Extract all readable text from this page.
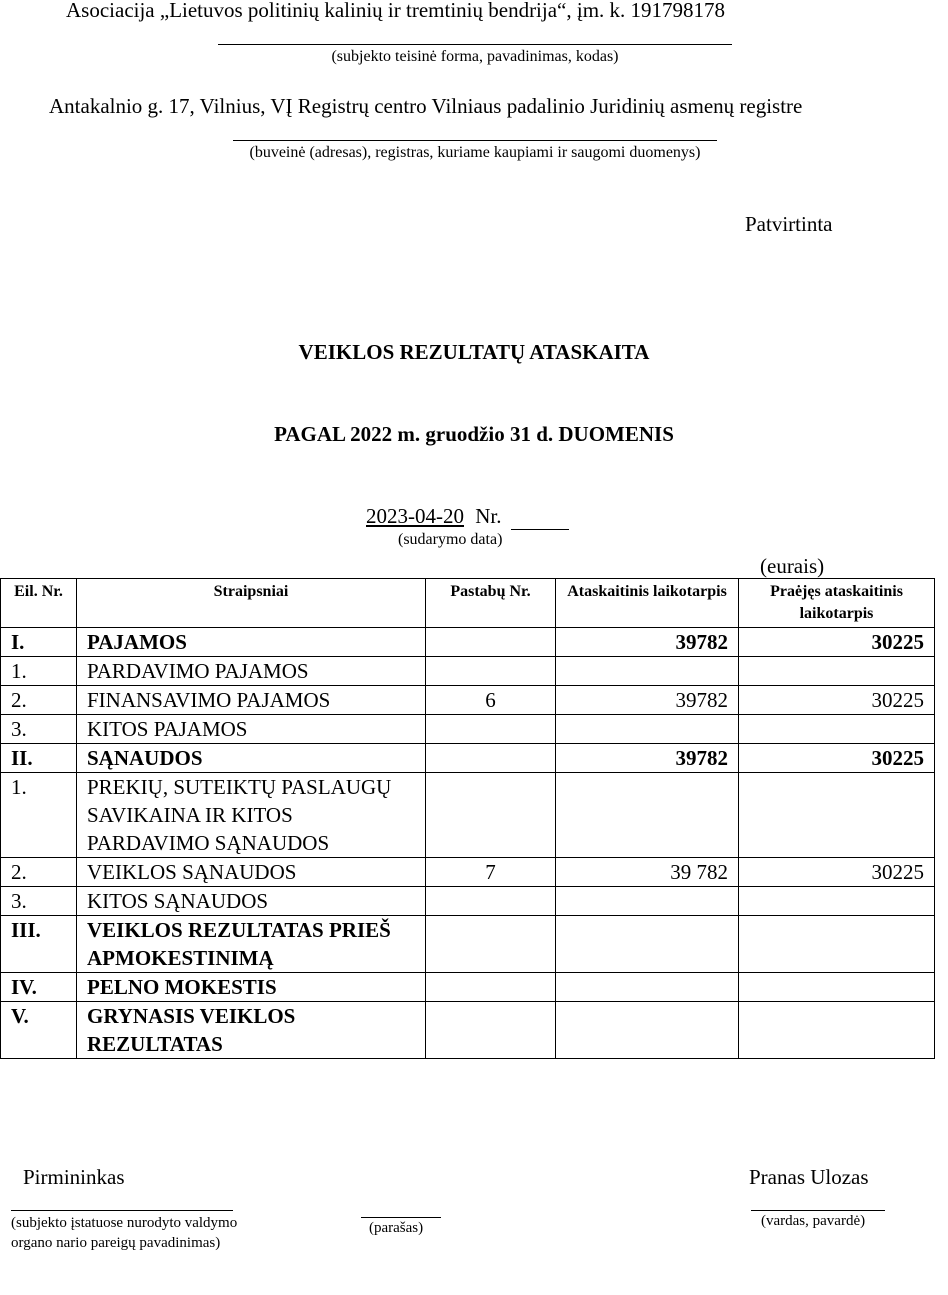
Asociacija „Lietuvos politinių kalinių ir tremtinių bendrija“, įm. k. 191798178
(subjekto teisinė forma, pavadinimas, kodas)
Antakalnio g. 17, Vilnius, VĮ Registrų centro Vilniaus padalinio Juridinių asmenų registre
(buveinė (adresas), registras, kuriame kaupiami ir saugomi duomenys)
Patvirtinta
VEIKLOS REZULTATŲ ATASKAITA
PAGAL 2022 m. gruodžio 31 d. DUOMENIS
2023-04-20 Nr.
(sudarymo data)
(eurais)
Eil. Nr.	Straipsniai	Pastabų Nr.	Ataskaitinis laikotarpis	Praėjęs ataskaitinis laikotarpis
I.	PAJAMOS		39782	30225
1.	PARDAVIMO PAJAMOS			
2.	FINANSAVIMO PAJAMOS	6	39782	30225
3.	KITOS PAJAMOS			
II.	SĄNAUDOS		39782	30225
1.	PREKIŲ, SUTEIKTŲ PASLAUGŲ SAVIKAINA IR KITOS PARDAVIMO SĄNAUDOS			
2.	VEIKLOS SĄNAUDOS	7	39 782	30225
3.	KITOS SĄNAUDOS			
III.	VEIKLOS REZULTATAS PRIEŠ APMOKESTINIMĄ			
IV.	PELNO MOKESTIS			
V.	GRYNASIS VEIKLOS REZULTATAS			
Pirmininkas
(subjekto įstatuose nurodyto valdymo organo nario pareigų pavadinimas)
(parašas)
Pranas Ulozas
(vardas, pavardė)
